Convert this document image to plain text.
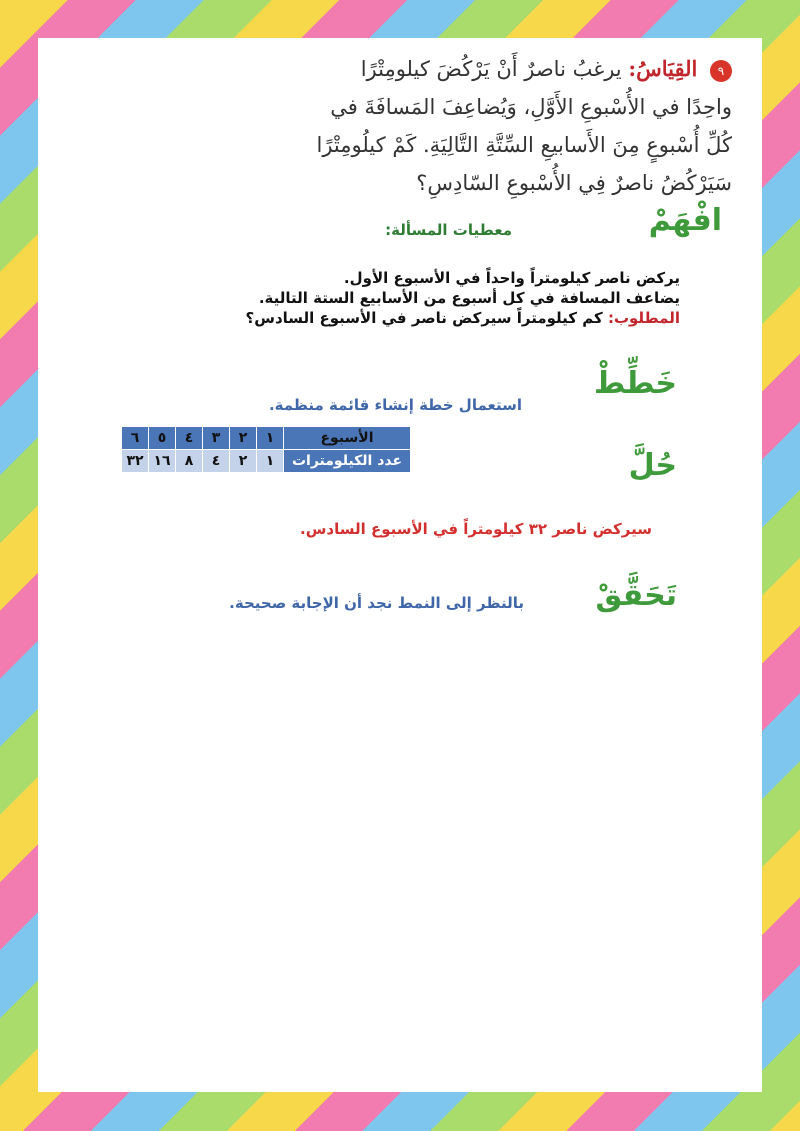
٩ القِيَاسُ: يرغبُ ناصرٌ أَنْ يَرْكُضَ كيلومِتْرًا واحِدًا في الأُسْبوعِ الأَوَّلِ، وَيُضاعِفَ المَسافَةَ في كُلِّ أُسْبوعٍ مِنَ الأَسابيعِ السِّتَّةِ التَّالِيَةِ. كَمْ كيلُومِتْرًا سَيَرْكُضُ ناصرٌ فِي الأُسْبوعِ السّادِسِ؟
افْهَمْ
معطيات المسألة:
يركض ناصر كيلومتراً واحداً في الأسبوع الأول.
يضاعف المسافة في كل أسبوع من الأسابيع الستة التالية.
المطلوب: كم كيلومتراً سيركض ناصر في الأسبوع السادس؟
خَطِّطْ
استعمال خطة إنشاء قائمة منظمة.
الأسبوع	١	٢	٣	٤	٥	٦
عدد الكيلومترات	١	٢	٤	٨	١٦	٣٢	حُلَّ
سيركض ناصر ٣٢ كيلومتراً في الأسبوع السادس.
تَحَقَّقْ
بالنظر إلى النمط نجد أن الإجابة صحيحة.
